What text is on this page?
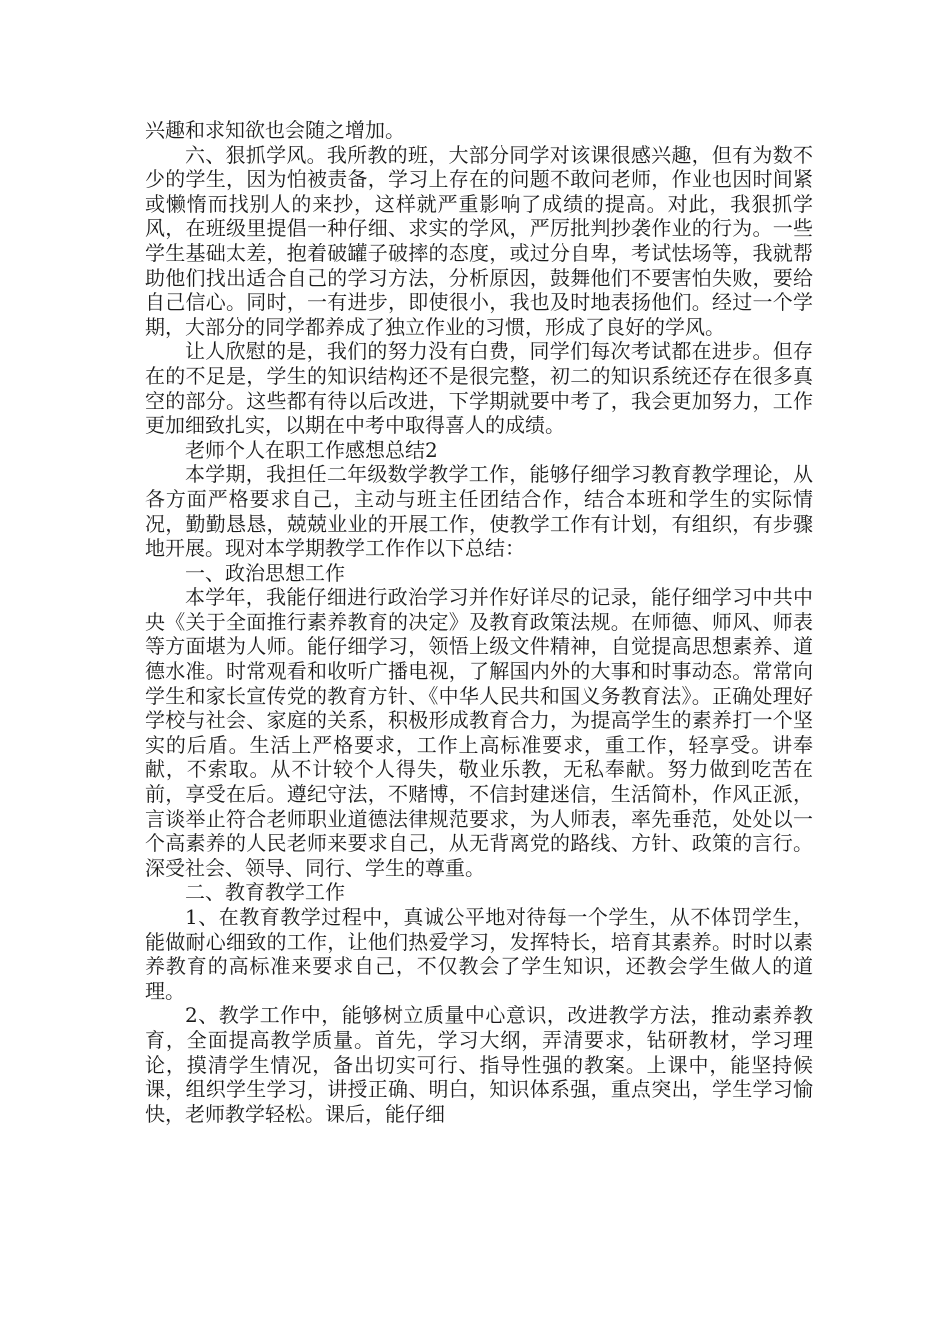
兴趣和求知欲也会随之增加。

六、狠抓学风。我所教的班，大部分同学对该课很感兴趣，但有为数不少的学生，因为怕被责备，学习上存在的问题不敢问老师，作业也因时间紧或懒惰而找别人的来抄，这样就严重影响了成绩的提高。对此，我狠抓学风，在班级里提倡一种仔细、求实的学风，严厉批判抄袭作业的行为。一些学生基础太差，抱着破罐子破摔的态度，或过分自卑，考试怯场等，我就帮助他们找出适合自己的学习方法，分析原因，鼓舞他们不要害怕失败，要给自己信心。同时，一有进步，即使很小，我也及时地表扬他们。经过一个学期，大部分的同学都养成了独立作业的习惯，形成了良好的学风。

让人欣慰的是，我们的努力没有白费，同学们每次考试都在进步。但存在的不足是，学生的知识结构还不是很完整，初二的知识系统还存在很多真空的部分。这些都有待以后改进，下学期就要中考了，我会更加努力，工作更加细致扎实，以期在中考中取得喜人的成绩。

老师个人在职工作感想总结2

本学期，我担任二年级数学教学工作，能够仔细学习教育教学理论，从各方面严格要求自己，主动与班主任团结合作，结合本班和学生的实际情况，勤勤恳恳，兢兢业业的开展工作，使教学工作有计划，有组织，有步骤地开展。现对本学期教学工作作以下总结：

一、政治思想工作

本学年，我能仔细进行政治学习并作好详尽的记录，能仔细学习中共中央《关于全面推行素养教育的决定》及教育政策法规。在师德、师风、师表等方面堪为人师。能仔细学习，领悟上级文件精神，自觉提高思想素养、道德水准。时常观看和收听广播电视，了解国内外的大事和时事动态。常常向学生和家长宣传党的教育方针、《中华人民共和国义务教育法》。正确处理好学校与社会、家庭的关系，积极形成教育合力，为提高学生的素养打一个坚实的后盾。生活上严格要求，工作上高标准要求，重工作，轻享受。讲奉献，不索取。从不计较个人得失，敬业乐教，无私奉献。努力做到吃苦在前，享受在后。遵纪守法，不赌博，不信封建迷信，生活简朴，作风正派，言谈举止符合老师职业道德法律规范要求，为人师表，率先垂范，处处以一个高素养的人民老师来要求自己，从无背离党的路线、方针、政策的言行。深受社会、领导、同行、学生的尊重。

二、教育教学工作

1、在教育教学过程中，真诚公平地对待每一个学生，从不体罚学生，能做耐心细致的工作，让他们热爱学习，发挥特长，培育其素养。时时以素养教育的高标准来要求自己，不仅教会了学生知识，还教会学生做人的道理。

2、教学工作中，能够树立质量中心意识，改进教学方法，推动素养教育，全面提高教学质量。首先，学习大纲，弄清要求，钻研教材，学习理论，摸清学生情况，备出切实可行、指导性强的教案。上课中，能坚持候课，组织学生学习，讲授正确、明白，知识体系强，重点突出，学生学习愉快，老师教学轻松。课后，能仔细
